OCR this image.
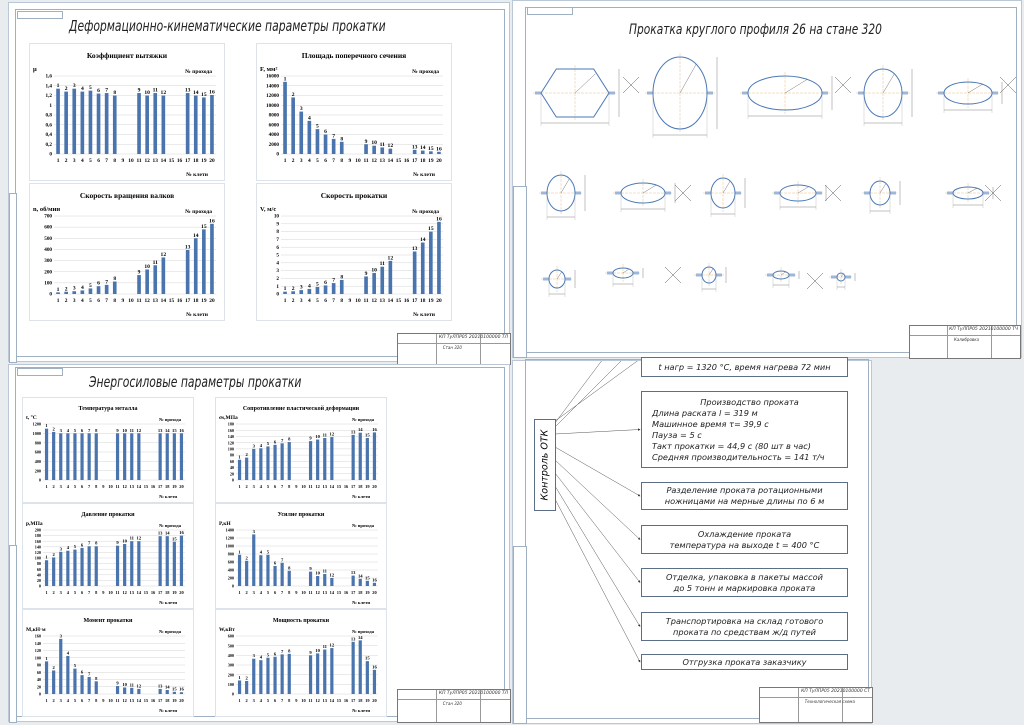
Деформационно-кинематические параметры прокатки
Коэффициент вытяжки
μ	№ прохода
№ клети
0
0,2
0,4
0,6
0,8
1
1,2
1,4
1,6
1 2 3 4 5 6 7 8 9 10 11 12 13 14 15 16 17 18 19 20
1 2 3 4 5 6 7 8	9 10 11 12	13 14 15 16
Площадь поперечного сечения
F, мм²	№ прохода
№ клети
0
2000
4000
6000
8000
10000
12000
14000
16000
1 2 3 4 5 6 7 8 9 10 11 12 13 14 15 16 17 18 19 20
1
2
3
4
5
6
7 8	9 10 11 12	13 14 15 16
Скорость вращения валков
n, об/мин	№ прохода
№ клети
0
100
200
300
400
500
600
700
1 2 3 4 5 6 7 8 9 10 11 12 13 14 15 16 17 18 19 20
1 2 3 4 5 6 7
8
9
10
11
12
13
14
15
16
Скорость прокатки
V, м/с	№ прохода
№ клети
0
1
2
3
4
5
6
7
8
9
10
1 2 3 4 5 6 7 8 9 10 11 12 13 14 15 16 17 18 19 20
1 2 3 4 5 6 7
8
9
10
11
12
13
14
15
16
КП ТуЛПР05 20210100000 ТЛ
Стан 320
Прокатка круглого профиля 26 на стане 320
КП ТуЛПР05 20210100000 ТЧ
Калибровка
Энергосиловые параметры прокатки
Температура металла
t, °C	№ прохода
№ клети
0
200
400
600
800
1000
1200
1 2 3 4 5 6 7 8 9 10 11 12 13 14 15 16 17 18 19 20
1
2 3 4 5 6 7 8	9 10 11 12	13 14 15 16
Сопротивление пластической деформации
σs,МПа	№ прохода
№ клети
0
20
40
60
80
100
120
140
160
180
1 2 3 4 5 6 7 8 9 10 11 12 13 14 15 16 17 18 19 20
1 2
3 4 5 6 7 8	9 10 11 12	13 14
15
16
Давление прокатки
p,МПа	№ прохода
№ клети
0
20
40
60
80
100
120
140
160
180
200
1 2 3 4 5 6 7 8 9 10 11 12 13 14 15 16 17 18 19 20
1
2
3 4 5 6 7 8	9 10
11 12
13 14
15
16
Усилие прокатки
P,кН	№ прохода
№ клети
0
200
400
600
800
1000
1200
1400
1 2 3 4 5 6 7 8 9 10 11 12 13 14 15 16 17 18 19 20
1
2
3
4 5
6
7
8	9
10 11
12	13
14 15 16
Момент прокатки
M,кН·м	№ прохода
№ клети
0
20
40
60
80
100
120
140
160
1 2 3 4 5 6 7 8 9 10 11 12 13 14 15 16 17 18 19 20
1
2
3
4
5
6 7
8
9 10 11 12	13 14 15 16
Мощность прокатки
W,кВт	№ прохода
№ клети
0
100
200
300
400
500
600
1 2 3 4 5 6 7 8 9 10 11 12 13 14 15 16 17 18 19 20
1 2
3 4 5 6 7 8	9 10
11 12
13 14
15
16
КП ТуЛПР05 20210100000 ТЛ
Стан 320
Контроль ОТК
t нагр = 1320 °С, время нагрева 72 мин
Производство проката
Длина раската l = 319 м
Машинное время τ= 39,9 с
Пауза = 5 с
Такт прокатки = 44,9 с (80 шт в час)
Средняя производительность = 141 т/ч
Разделение проката ротационными
ножницами на мерные длины по 6 м
Охлаждение проката
температура на выходе t = 400 °С
Отделка, упаковка в пакеты массой
до 5 тонн и маркировка проката
Транспортировка на склад готового
проката по средствам ж/д путей
Отгрузка проката заказчику
КП ТуЛПР05 20210100000 СТ
Технологическая схема
